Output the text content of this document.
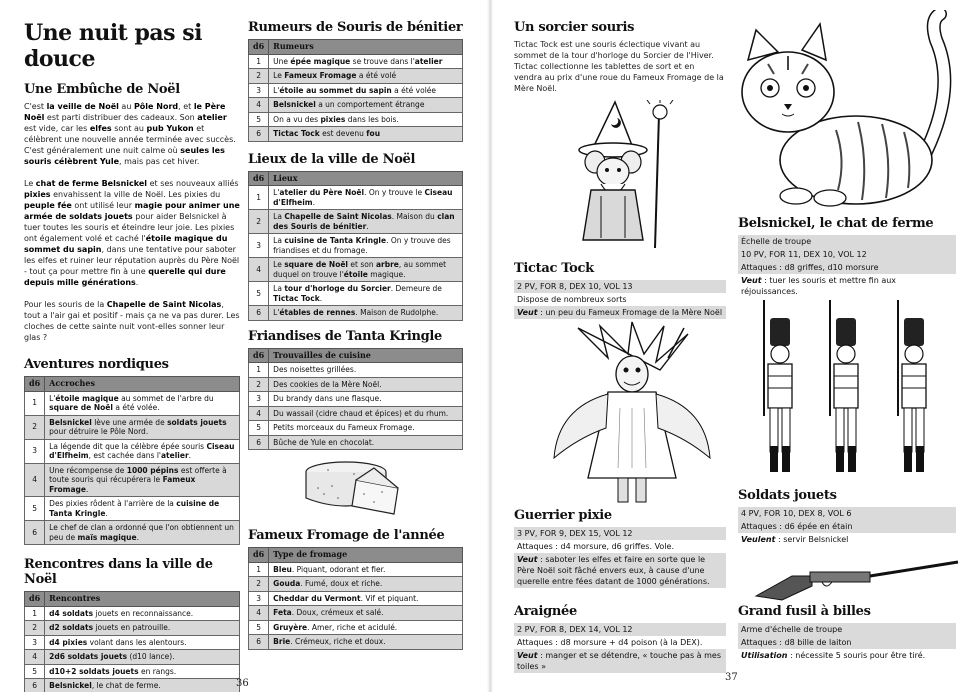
Une nuit pas si douce
Une Embûche de Noël

C'est la veille de Noël au Pôle Nord, et le Père Noël est parti distribuer des cadeaux. Son atelier est vide, car les elfes sont au pub Yukon et célèbrent une nouvelle année terminée avec succès. C'est généralement une nuit calme où seules les souris célèbrent Yule, mais pas cet hiver.

Le chat de ferme Belsnickel et ses nouveaux alliés pixies envahissent la ville de Noël. Les pixies du peuple fée ont utilisé leur magie pour animer une armée de soldats jouets pour aider Belsnickel à tuer toutes les souris et éteindre leur joie. Les pixies ont également volé et caché l'étoile magique du sommet du sapin, dans une tentative pour saboter les elfes et ruiner leur réputation auprès du Père Noël - tout ça pour mettre fin à une querelle qui dure depuis mille générations.

Pour les souris de la Chapelle de Saint Nicolas, tout a l'air gai et positif - mais ça ne va pas durer. Les cloches de cette sainte nuit vont-elles sonner leur glas ?

Aventures nordiques
d6	Accroches
1	L'étoile magique au sommet de l'arbre du square de Noël a été volée.
2	Belsnickel lève une armée de soldats jouets pour détruire le Pôle Nord.
3	La légende dit que la célèbre épée souris Ciseau d'Elfheim, est cachée dans l'atelier.
4	Une récompense de 1000 pépins est offerte à toute souris qui récupérera le Fameux Fromage.
5	Des pixies rôdent à l'arrière de la cuisine de Tanta Kringle.
6	Le chef de clan a ordonné que l'on obtiennent un peu de maïs magique.
Rencontres dans la ville de Noël
d6	Rencontres
1	d4 soldats jouets en reconnaissance.
2	d2 soldats jouets en patrouille.
3	d4 pixies volant dans les alentours.
4	2d6 soldats jouets (d10 lance).
5	d10+2 soldats jouets en rangs.
6	Belsnickel, le chat de ferme.
Rumeurs de Souris de bénitier
d6	Rumeurs
1	Une épée magique se trouve dans l'atelier
2	Le Fameux Fromage a été volé
3	L'étoile au sommet du sapin a été volée
4	Belsnickel a un comportement étrange
5	On a vu des pixies dans les bois.
6	Tictac Tock est devenu fou
Lieux de la ville de Noël
d6	Lieux
1	L'atelier du Père Noël. On y trouve le Ciseau d'Elfheim.
2	La Chapelle de Saint Nicolas. Maison du clan des Souris de bénitier.
3	La cuisine de Tanta Kringle. On y trouve des friandises et du fromage.
4	Le square de Noël et son arbre, au sommet duquel on trouve l'étoile magique.
5	La tour d'horloge du Sorcier. Demeure de Tictac Tock.
6	L'étables de rennes. Maison de Rudolphe.
Friandises de Tanta Kringle
d6	Trouvailles de cuisine
1	Des noisettes grillées.
2	Des cookies de la Mère Noël.
3	Du brandy dans une flasque.
4	Du wassail (cidre chaud et épices) et du rhum.
5	Petits morceaux du Fameux Fromage.
6	Bûche de Yule en chocolat.
Fameux Fromage de l'année
d6	Type de fromage
1	Bleu. Piquant, odorant et fier.
2	Gouda. Fumé, doux et riche.
3	Cheddar du Vermont. Vif et piquant.
4	Feta. Doux, crémeux et salé.
5	Gruyère. Amer, riche et acidulé.
6	Brie. Crémeux, riche et doux.
36
Un sorcier souris

Tictac Tock est une souris éclectique vivant au sommet de la tour d'horloge du Sorcier de l'Hiver. Tictac collectionne les tablettes de sort et en vendra au prix d'une roue du Fameux Fromage de la Mère Noël.

Tictac Tock
2 PV, FOR 8, DEX 10, VOL 13
Dispose de nombreux sorts
Veut : un peu du Fameux Fromage de la Mère Noël
Guerrier pixie
3 PV, FOR 9, DEX 15, VOL 12
Attaques : d4 morsure, d6 griffes. Vole.
Veut : saboter les elfes et faire en sorte que le Père Noël soit fâché envers eux, à cause d'une querelle entre fées datant de 1000 générations.
Araignée
2 PV, FOR 8, DEX 14, VOL 12
Attaques : d8 morsure + d4 poison (à la DEX).
Veut : manger et se détendre, « touche pas à mes toiles »
Belsnickel, le chat de ferme
Échelle de troupe
10 PV, FOR 11, DEX 10, VOL 12
Attaques : d8 griffes, d10 morsure
Veut : tuer les souris et mettre fin aux réjouissances.
Soldats jouets
4 PV, FOR 10, DEX 8, VOL 6
Attaques : d6 épée en étain
Veulent : servir Belsnickel
Grand fusil à billes
Arme d'échelle de troupe
Attaques : d8 bille de laiton
Utilisation : nécessite 5 souris pour être tiré.
37
